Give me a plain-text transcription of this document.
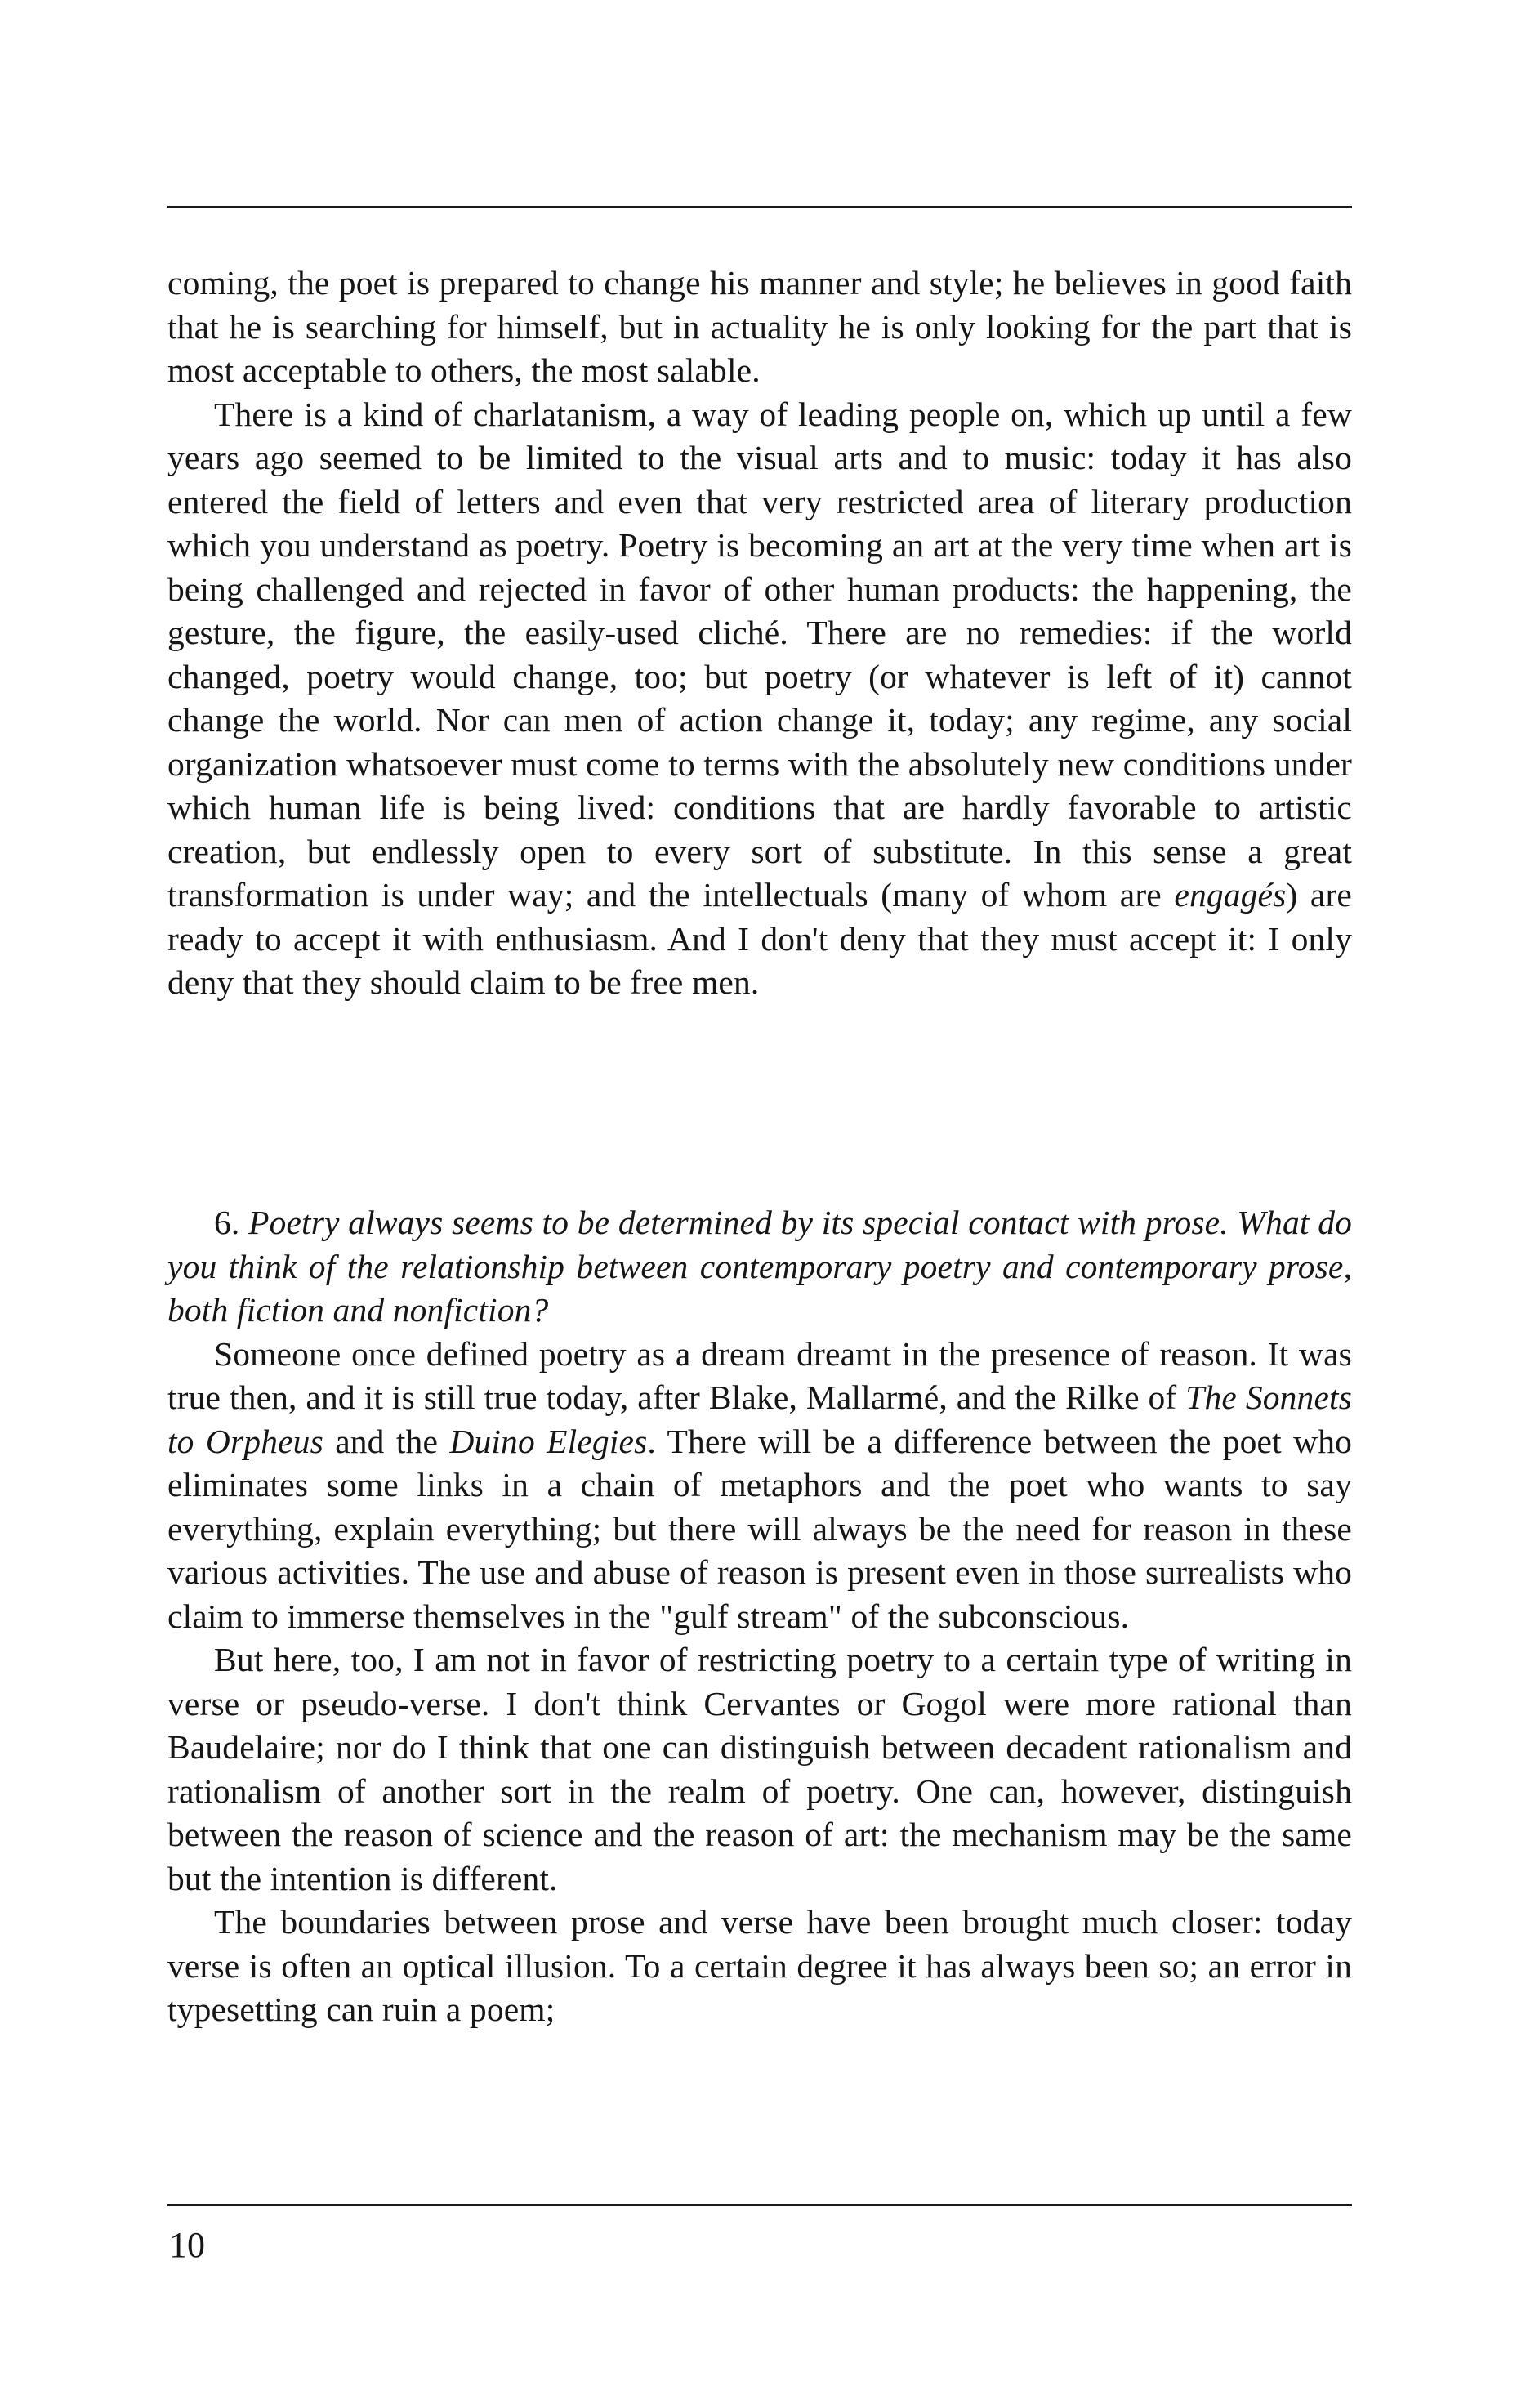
coming, the poet is prepared to change his manner and style; he believes in good faith that he is searching for himself, but in actuality he is only looking for the part that is most acceptable to others, the most salable.

There is a kind of charlatanism, a way of leading people on, which up until a few years ago seemed to be limited to the visual arts and to music: today it has also entered the field of letters and even that very restricted area of literary production which you understand as poetry. Poetry is becoming an art at the very time when art is being challenged and rejected in favor of other human products: the happening, the gesture, the figure, the easily-used cliché. There are no remedies: if the world changed, poetry would change, too; but poetry (or whatever is left of it) cannot change the world. Nor can men of action change it, today; any regime, any social organization whatsoever must come to terms with the absolutely new conditions under which human life is being lived: conditions that are hardly favorable to artistic creation, but endlessly open to every sort of substitute. In this sense a great transformation is under way; and the intellectuals (many of whom are engagés) are ready to accept it with enthusiasm. And I don't deny that they must accept it: I only deny that they should claim to be free men.

6. Poetry always seems to be determined by its special contact with prose. What do you think of the relationship between contemporary poetry and contemporary prose, both fiction and nonfiction?

Someone once defined poetry as a dream dreamt in the presence of reason. It was true then, and it is still true today, after Blake, Mallarmé, and the Rilke of The Sonnets to Orpheus and the Duino Elegies. There will be a difference between the poet who eliminates some links in a chain of metaphors and the poet who wants to say everything, explain everything; but there will always be the need for reason in these various activities. The use and abuse of reason is present even in those surrealists who claim to immerse themselves in the "gulf stream" of the subconscious.

But here, too, I am not in favor of restricting poetry to a certain type of writing in verse or pseudo-verse. I don't think Cervantes or Gogol were more rational than Baudelaire; nor do I think that one can distinguish between decadent rationalism and rationalism of another sort in the realm of poetry. One can, however, distinguish between the reason of science and the reason of art: the mechanism may be the same but the intention is different.

The boundaries between prose and verse have been brought much closer: today verse is often an optical illusion. To a certain degree it has always been so; an error in typesetting can ruin a poem;

10
